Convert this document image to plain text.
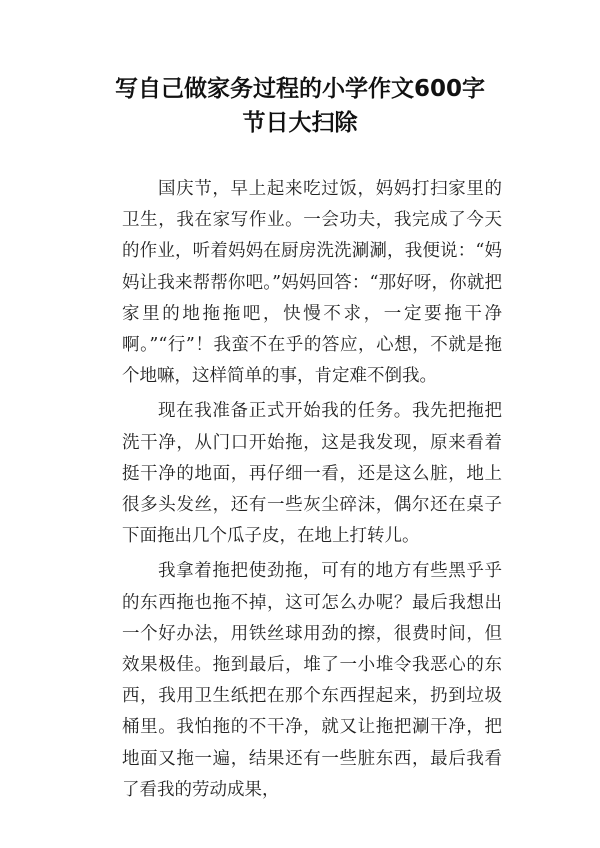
写自己做家务过程的小学作文600字
节日大扫除

国庆节，早上起来吃过饭，妈妈打扫家里的卫生，我在家写作业。一会功夫，我完成了今天的作业，听着妈妈在厨房洗洗涮涮，我便说：“妈妈让我来帮帮你吧。”妈妈回答：“那好呀，你就把家里的地拖拖吧，快慢不求，一定要拖干净啊。”“行”！我蛮不在乎的答应，心想，不就是拖个地嘛，这样简单的事，肯定难不倒我。

现在我准备正式开始我的任务。我先把拖把洗干净，从门口开始拖，这是我发现，原来看着挺干净的地面，再仔细一看，还是这么脏，地上很多头发丝，还有一些灰尘碎沫，偶尔还在桌子下面拖出几个瓜子皮，在地上打转儿。

我拿着拖把使劲拖，可有的地方有些黑乎乎的东西拖也拖不掉，这可怎么办呢？最后我想出一个好办法，用铁丝球用劲的擦，很费时间，但效果极佳。拖到最后，堆了一小堆令我恶心的东西，我用卫生纸把在那个东西捏起来，扔到垃圾桶里。我怕拖的不干净，就又让拖把涮干净，把地面又拖一遍，结果还有一些脏东西，最后我看了看我的劳动成果，
